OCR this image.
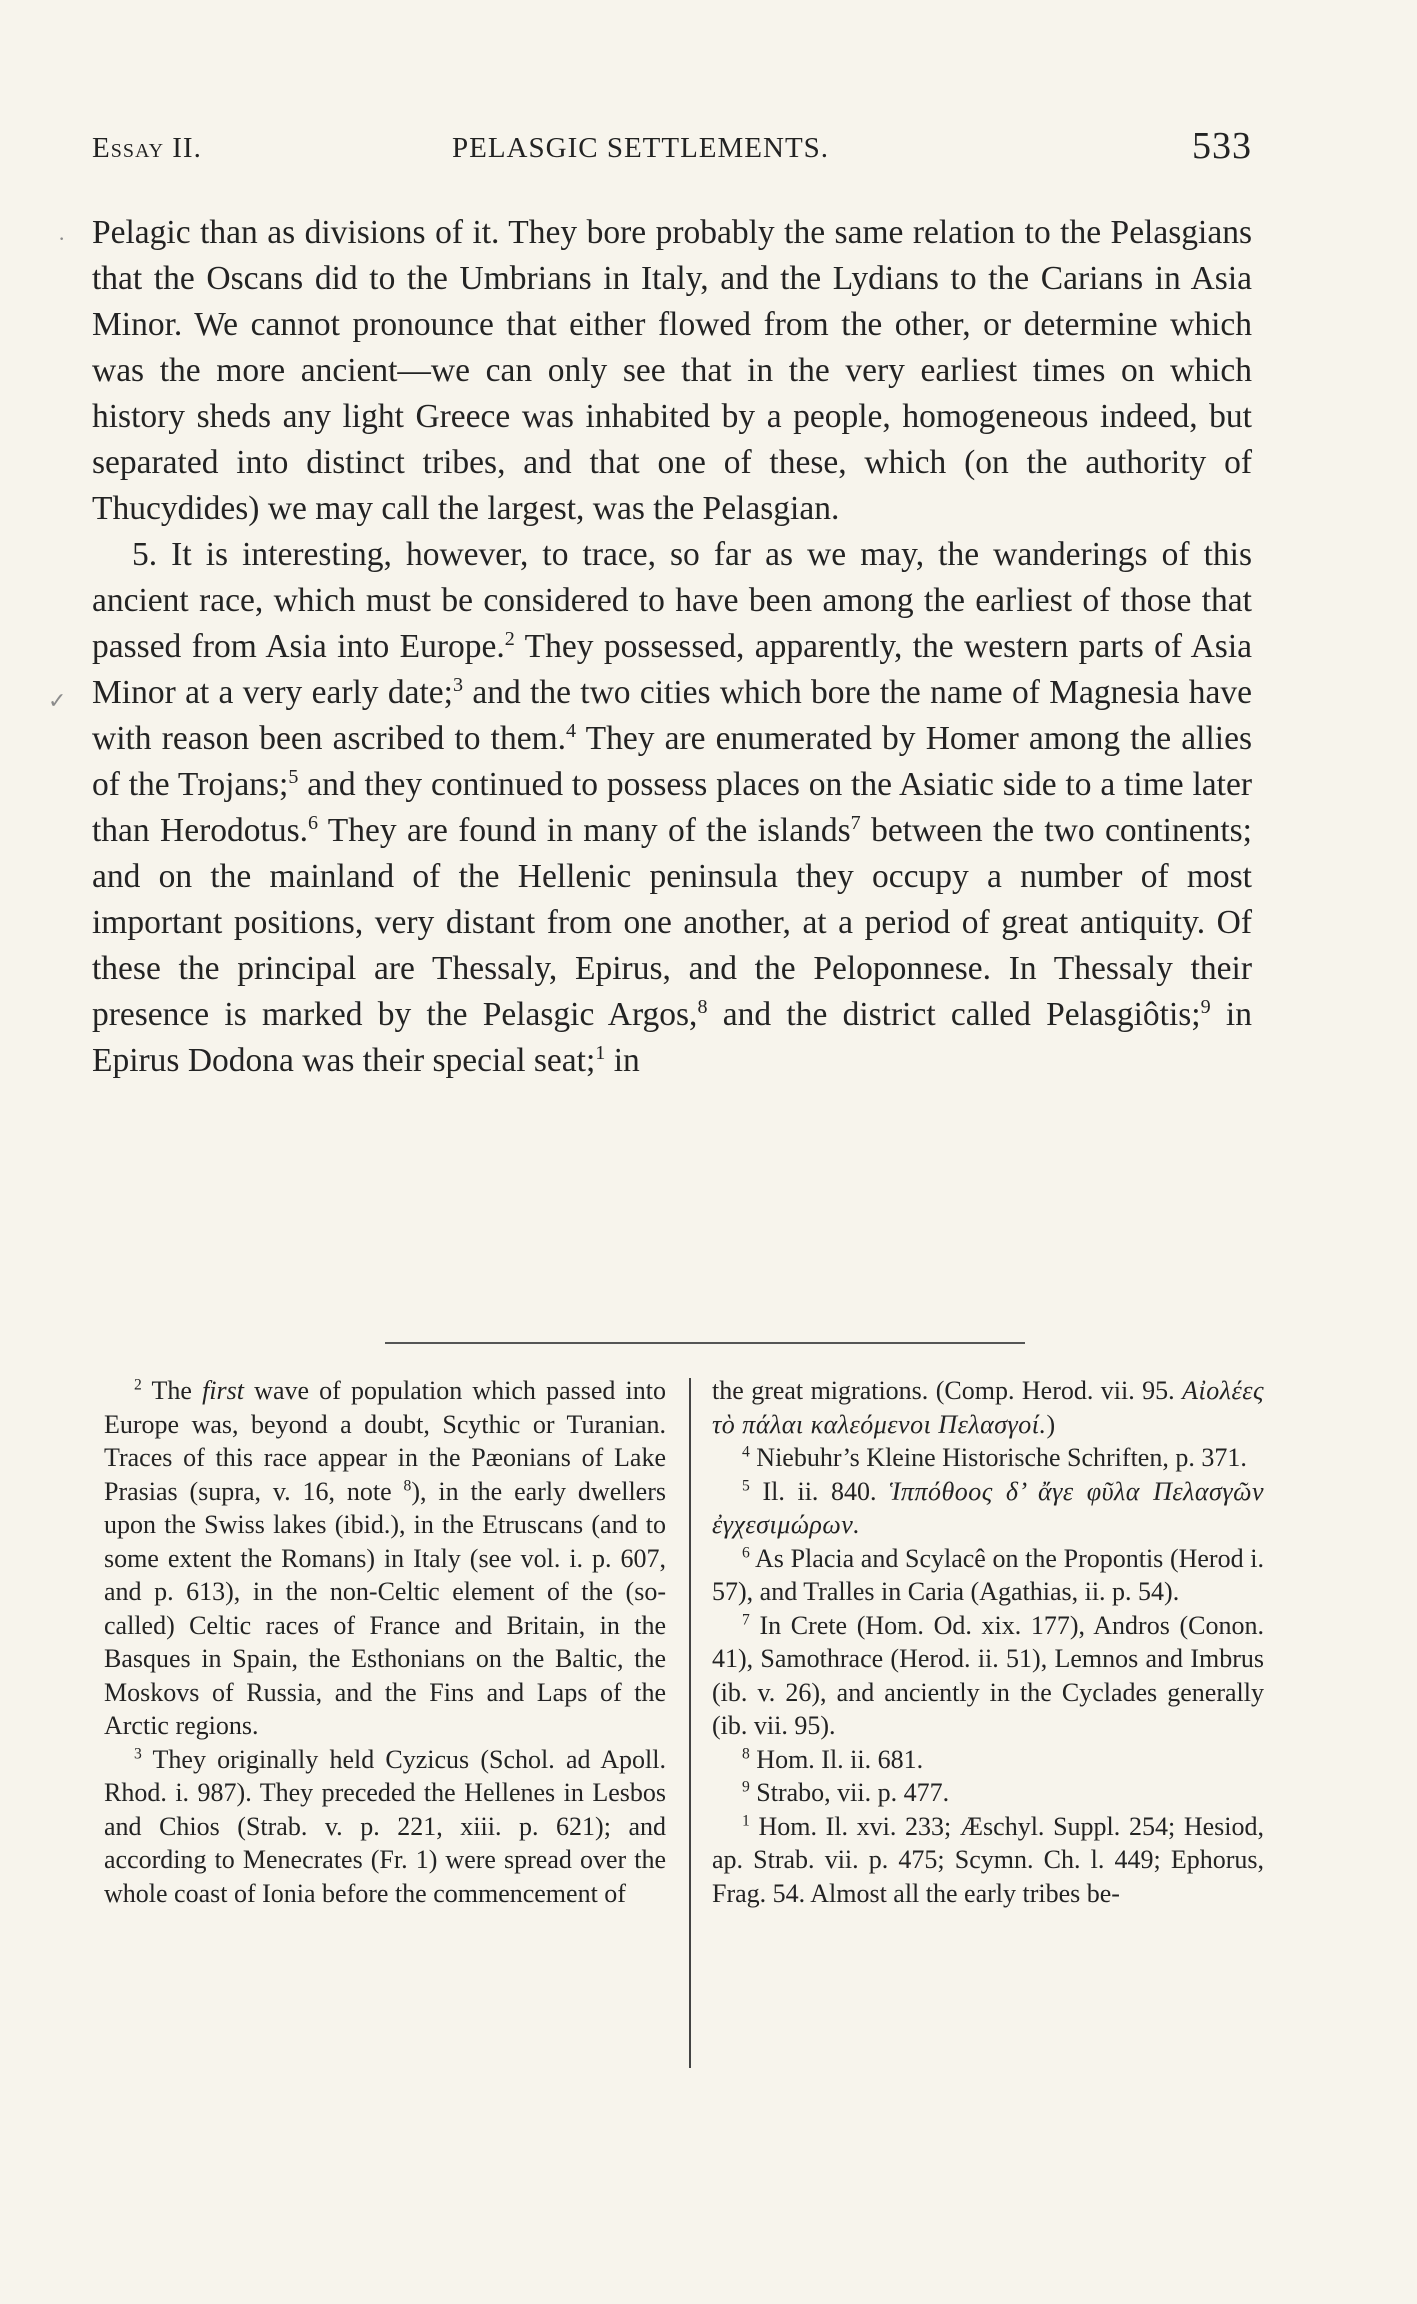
Essay II.	PELASGIC SETTLEMENTS.	533
·
✓

Pelagic than as divisions of it. They bore probably the same relation to the Pelasgians that the Oscans did to the Umbrians in Italy, and the Lydians to the Carians in Asia Minor. We cannot pronounce that either flowed from the other, or determine which was the more ancient—we can only see that in the very earliest times on which history sheds any light Greece was inhabited by a people, homogeneous indeed, but separated into distinct tribes, and that one of these, which (on the authority of Thucydides) we may call the largest, was the Pelasgian.

5. It is interesting, however, to trace, so far as we may, the wanderings of this ancient race, which must be considered to have been among the earliest of those that passed from Asia into Europe.$^2$ They possessed, apparently, the western parts of Asia Minor at a very early date;$^3$ and the two cities which bore the name of Magnesia have with reason been ascribed to them.$^4$ They are enumerated by Homer among the allies of the Trojans;$^5$ and they continued to possess places on the Asiatic side to a time later than Herodotus.$^6$ They are found in many of the islands$^7$ between the two continents; and on the mainland of the Hellenic peninsula they occupy a number of most important positions, very distant from one another, at a period of great antiquity. Of these the principal are Thessaly, Epirus, and the Peloponnese. In Thessaly their presence is marked by the Pelasgic Argos,$^8$ and the district called Pelasgiôtis;$^9$ in Epirus Dodona was their special seat;$^1$ in

$^2$ The first wave of population which passed into Europe was, beyond a doubt, Scythic or Turanian. Traces of this race appear in the Pæonians of Lake Prasias (supra, v. 16, note $^8$), in the early dwellers upon the Swiss lakes (ibid.), in the Etruscans (and to some extent the Romans) in Italy (see vol. i. p. 607, and p. 613), in the non-Celtic element of the (so-called) Celtic races of France and Britain, in the Basques in Spain, the Esthonians on the Baltic, the Moskovs of Russia, and the Fins and Laps of the Arctic regions.

$^3$ They originally held Cyzicus (Schol. ad Apoll. Rhod. i. 987). They preceded the Hellenes in Lesbos and Chios (Strab. v. p. 221, xiii. p. 621); and according to Menecrates (Fr. 1) were spread over the whole coast of Ionia before the commencement of

the great migrations. (Comp. Herod. vii. 95. Αἰολέες τὸ πάλαι καλεόμενοι Πελασγοί.)

$^4$ Niebuhr’s Kleine Historische Schriften, p. 371.

$^5$ Il. ii. 840. Ἱππόθοος δ’ ἄγε φῦλα Πελασγῶν ἐγχεσιμώρων.

$^6$ As Placia and Scylacê on the Propontis (Herod i. 57), and Tralles in Caria (Agathias, ii. p. 54).

$^7$ In Crete (Hom. Od. xix. 177), Andros (Conon. 41), Samothrace (Herod. ii. 51), Lemnos and Imbrus (ib. v. 26), and anciently in the Cyclades generally (ib. vii. 95).

$^8$ Hom. Il. ii. 681.

$^9$ Strabo, vii. p. 477.

$^1$ Hom. Il. xvi. 233; Æschyl. Suppl. 254; Hesiod, ap. Strab. vii. p. 475; Scymn. Ch. l. 449; Ephorus, Frag. 54. Almost all the early tribes be-
